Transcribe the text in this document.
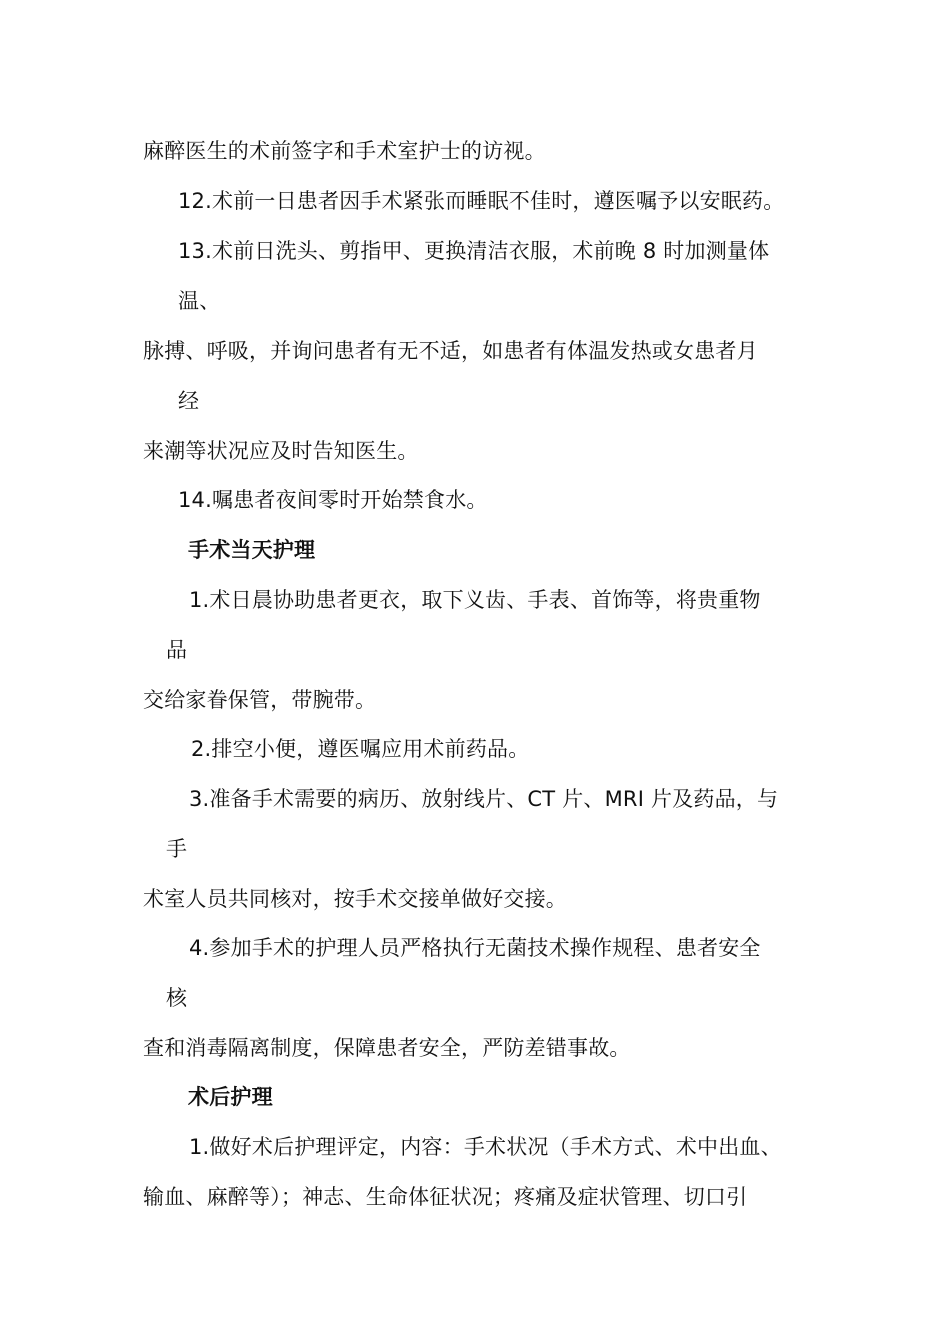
麻醉医生的术前签字和手术室护士的访视。
12.术前一日患者因手术紧张而睡眠不佳时，遵医嘱予以安眠药。
13.术前日洗头、剪指甲、更换清洁衣服，术前晚 8 时加测量体
温、
脉搏、呼吸，并询问患者有无不适，如患者有体温发热或女患者月
经
来潮等状况应及时告知医生。
14.嘱患者夜间零时开始禁食水。
手术当天护理
1.术日晨协助患者更衣，取下义齿、手表、首饰等，将贵重物
品
交给家眷保管，带腕带。
2.排空小便，遵医嘱应用术前药品。
3.准备手术需要的病历、放射线片、CT 片、MRI 片及药品，与
手
术室人员共同核对，按手术交接单做好交接。
4.参加手术的护理人员严格执行无菌技术操作规程、患者安全
核
查和消毒隔离制度，保障患者安全，严防差错事故。
术后护理
1.做好术后护理评定，内容：手术状况（手术方式、术中出血、
输血、麻醉等）；神志、生命体征状况；疼痛及症状管理、切口引
